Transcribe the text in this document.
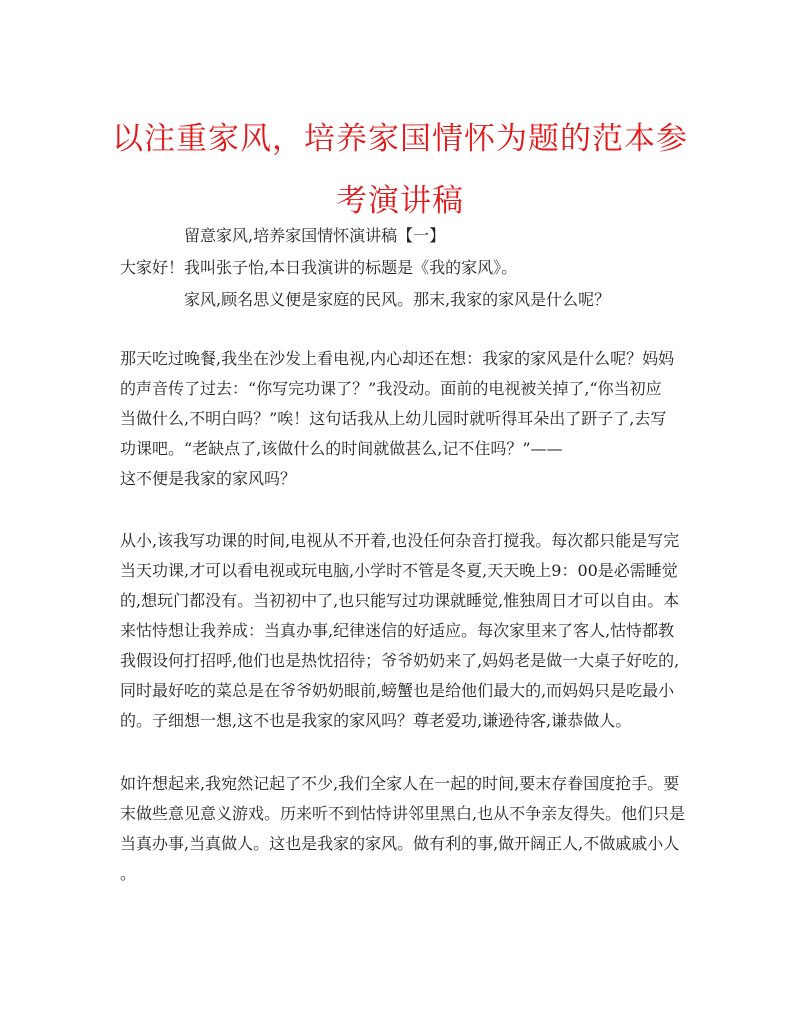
以注重家风，培养家国情怀为题的范本参
考演讲稿
留意家风,培养家国情怀演讲稿【一】
大家好！我叫张子怡,本日我演讲的标题是《我的家风》。
家风,顾名思义便是家庭的民风。那末,我家的家风是什么呢？
那天吃过晚餐,我坐在沙发上看电视,内心却还在想：我家的家风是什么呢？妈妈
的声音传了过去：“你写完功课了？”我没动。面前的电视被关掉了,“你当初应
当做什么,不明白吗？”唉！这句话我从上幼儿园时就听得耳朵出了趼子了,去写
功课吧。“老缺点了,该做什么的时间就做甚么,记不住吗？”——
这不便是我家的家风吗？
从小,该我写功课的时间,电视从不开着,也没任何杂音打搅我。每次都只能是写完
当天功课,才可以看电视或玩电脑,小学时不管是冬夏,天天晚上9：00是必需睡觉
的,想玩门都没有。当初初中了,也只能写过功课就睡觉,惟独周日才可以自由。本
来怙恃想让我养成：当真办事,纪律迷信的好适应。每次家里来了客人,怙恃都教
我假设何打招呼,他们也是热忱招待；爷爷奶奶来了,妈妈老是做一大桌子好吃的,
同时最好吃的菜总是在爷爷奶奶眼前,螃蟹也是给他们最大的,而妈妈只是吃最小
的。子细想一想,这不也是我家的家风吗？尊老爱功,谦逊待客,谦恭做人。
如许想起来,我宛然记起了不少,我们全家人在一起的时间,要末存眷国度抢手。要
末做些意见意义游戏。历来听不到怙恃讲邻里黑白,也从不争亲友得失。他们只是
当真办事,当真做人。这也是我家的家风。做有利的事,做开阔正人,不做戚戚小人
。
